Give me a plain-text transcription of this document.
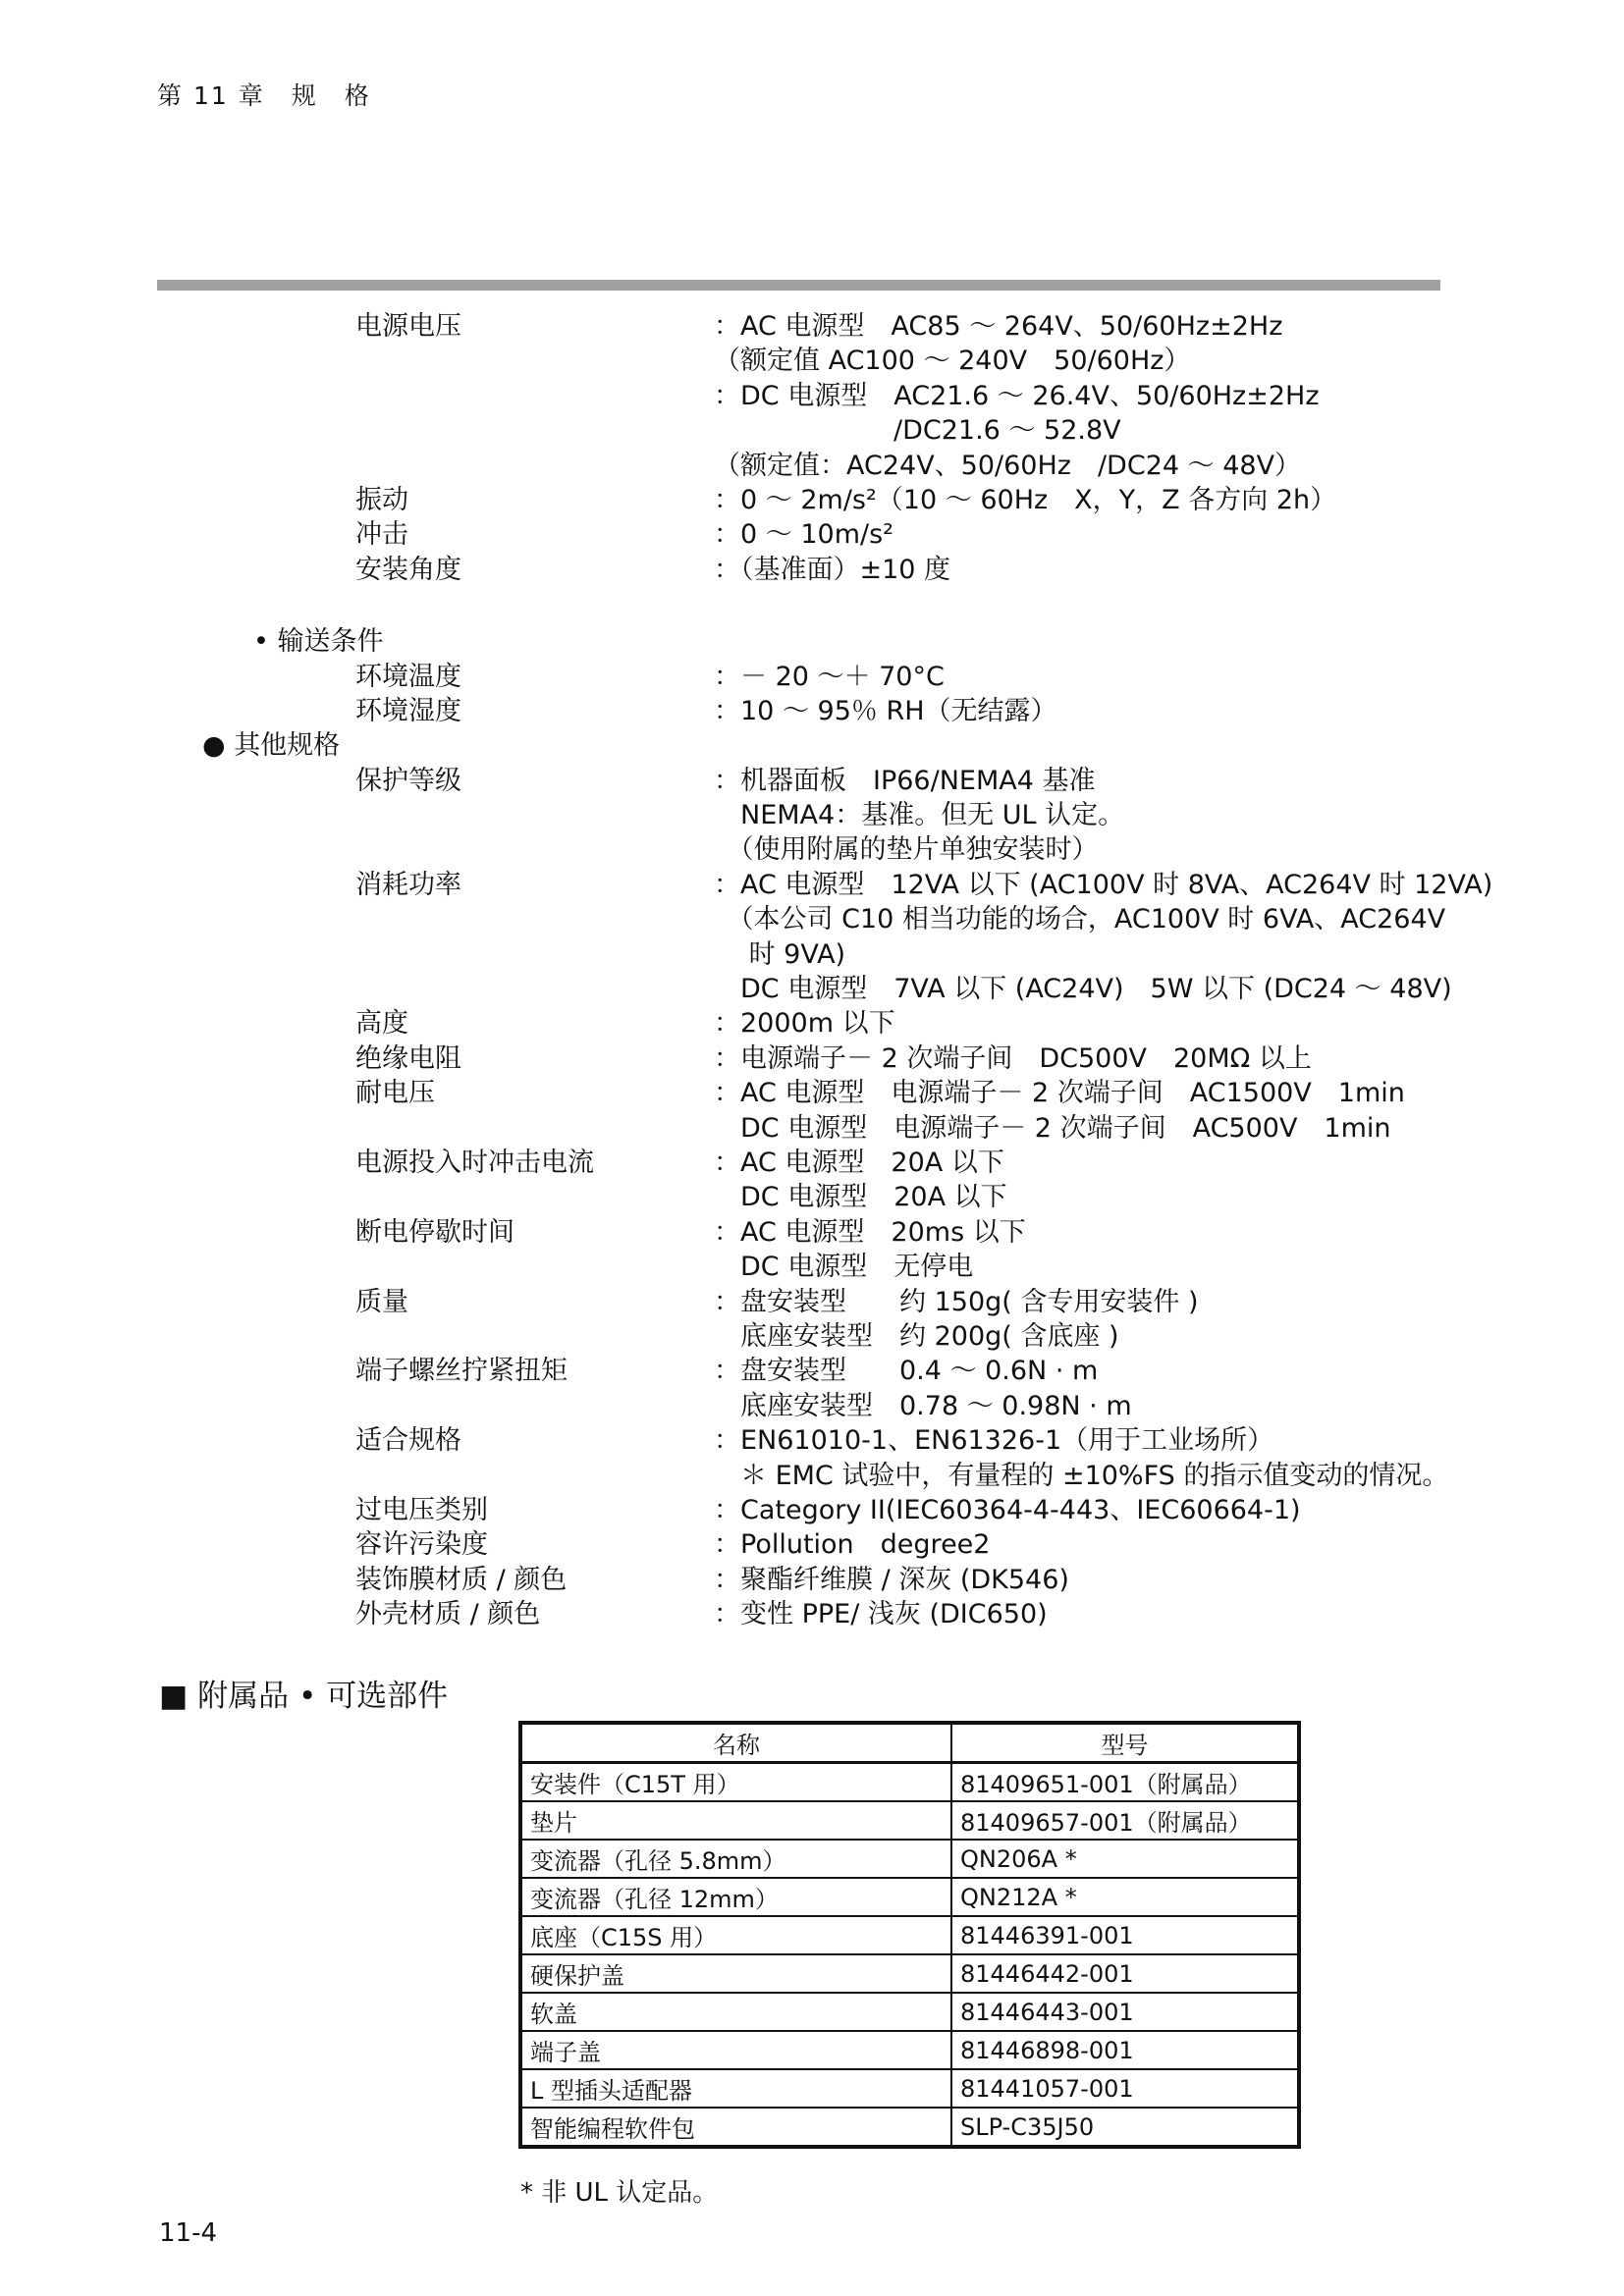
第 11 章　规　格
电源电压	：AC 电源型　AC85 ～ 264V、50/60Hz±2Hz
（额定值 AC100 ～ 240V　50/60Hz）
：DC 电源型　AC21.6 ～ 26.4V、50/60Hz±2Hz
/DC21.6 ～ 52.8V
（额定值：AC24V、50/60Hz　/DC24 ～ 48V）
振动	：0 ～ 2m/s²（10 ～ 60Hz　X，Y，Z 各方向 2h）
冲击	：0 ～ 10m/s²
安装角度	：（基准面）±10 度
• 输送条件
环境温度	：－ 20 ～＋ 70°C
环境湿度	：10 ～ 95％ RH（无结露）
● 其他规格
保护等级	：机器面板　IP66/NEMA4 基准
　NEMA4：基准。但无 UL 认定。
　（使用附属的垫片单独安装时）
消耗功率	：AC 电源型　12VA 以下 (AC100V 时 8VA、AC264V 时 12VA)
　（本公司 C10 相当功能的场合，AC100V 时 6VA、AC264V
　 时 9VA)
　DC 电源型　7VA 以下 (AC24V)　5W 以下 (DC24 ～ 48V)
高度	：2000m 以下
绝缘电阻	：电源端子－ 2 次端子间　DC500V　20MΩ 以上
耐电压	：AC 电源型　电源端子－ 2 次端子间　AC1500V　1min
　DC 电源型　电源端子－ 2 次端子间　AC500V　1min
电源投入时冲击电流	：AC 电源型　20A 以下
　DC 电源型　20A 以下
断电停歇时间	：AC 电源型　20ms 以下
　DC 电源型　无停电
质量	：盘安装型　　约 150g( 含专用安装件 )
　底座安装型　约 200g( 含底座 )
端子螺丝拧紧扭矩	：盘安装型　　0.4 ～ 0.6N · m
　底座安装型　0.78 ～ 0.98N · m
适合规格	：EN61010-1、EN61326-1（用于工业场所）
　＊ EMC 试验中，有量程的 ±10%FS 的指示值变动的情况。
过电压类别	：Category II(IEC60364-4-443、IEC60664-1)
容许污染度	：Pollution　degree2
装饰膜材质 / 颜色	：聚酯纤维膜 / 深灰 (DK546)
外壳材质 / 颜色	：变性 PPE/ 浅灰 (DIC650)
■ 附属品 • 可选部件
名称	型号
安装件（C15T 用）	81409651-001（附属品）
垫片	81409657-001（附属品）
变流器（孔径 5.8mm）	QN206A *
变流器（孔径 12mm）	QN212A *
底座（C15S 用）	81446391-001
硬保护盖	81446442-001
软盖	81446443-001
端子盖	81446898-001
L 型插头适配器	81441057-001
智能编程软件包	SLP-C35J50
* 非 UL 认定品。
11-4
